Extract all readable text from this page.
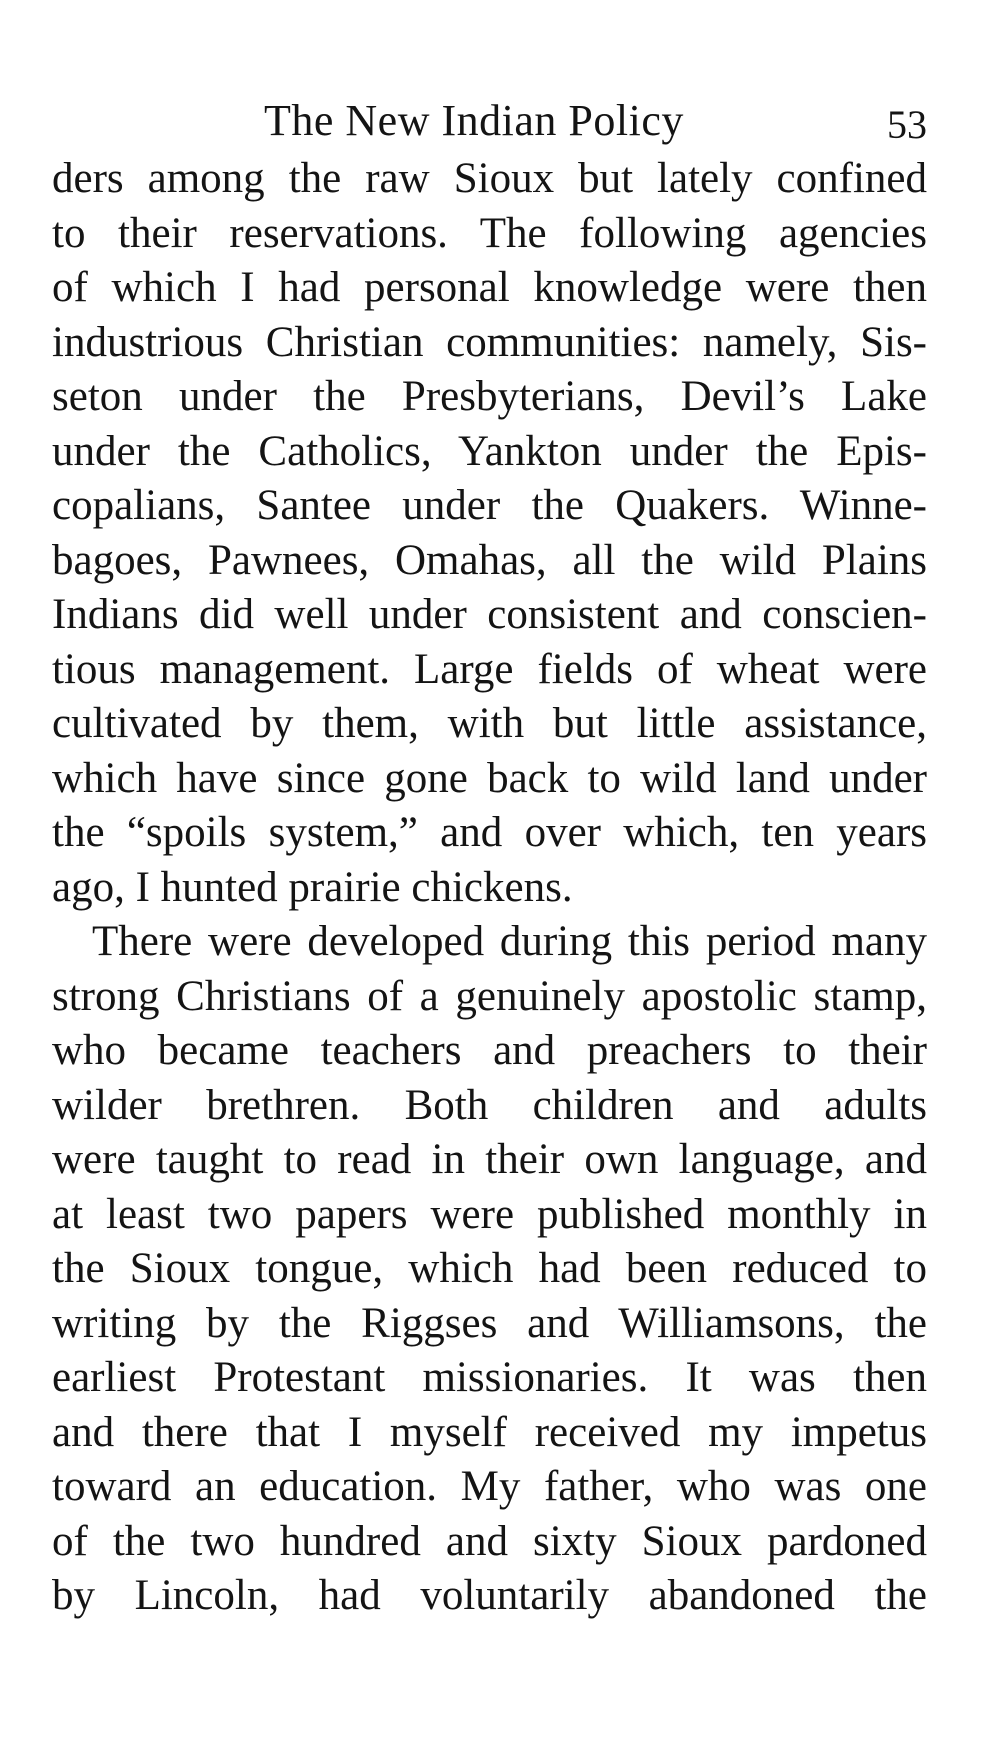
The New Indian Policy	53
ders among the raw Sioux but lately confined
to their reservations. The following agencies
of which I had personal knowledge were then
industrious Christian communities: namely, Sis-
seton under the Presbyterians, Devil’s Lake
under the Catholics, Yankton under the Epis-
copalians, Santee under the Quakers. Winne-
bagoes, Pawnees, Omahas, all the wild Plains
Indians did well under consistent and conscien-
tious management. Large fields of wheat were
cultivated by them, with but little assistance,
which have since gone back to wild land under
the “spoils system,” and over which, ten years
ago, I hunted prairie chickens.
There were developed during this period many
strong Christians of a genuinely apostolic stamp,
who became teachers and preachers to their
wilder brethren. Both children and adults
were taught to read in their own language, and
at least two papers were published monthly in
the Sioux tongue, which had been reduced to
writing by the Riggses and Williamsons, the
earliest Protestant missionaries. It was then
and there that I myself received my impetus
toward an education. My father, who was one
of the two hundred and sixty Sioux pardoned
by Lincoln, had voluntarily abandoned the
